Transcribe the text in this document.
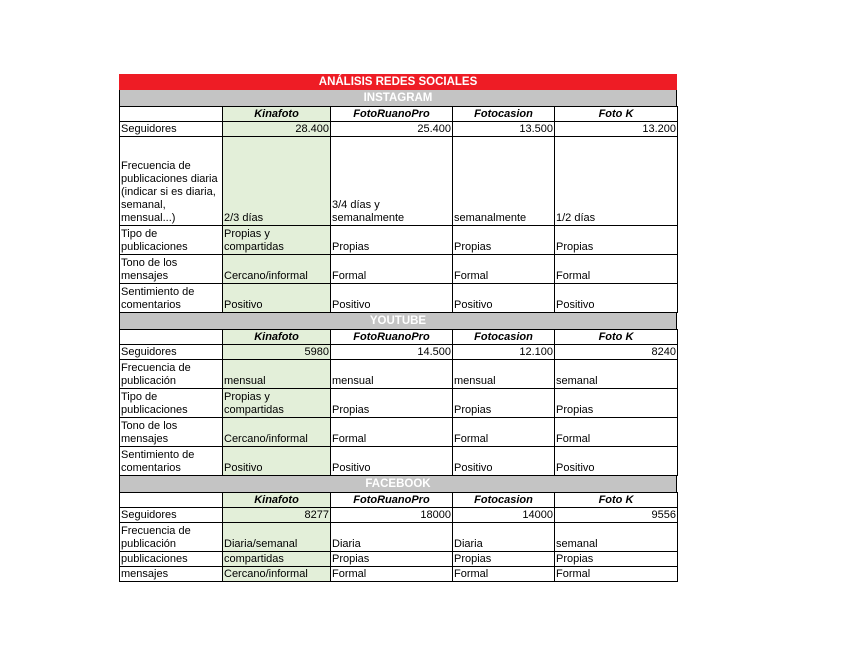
ANÁLISIS REDES SOCIALES
INSTAGRAM
	Kinafoto	FotoRuanoPro	Fotocasion	Foto K
Seguidores	28.400	25.400	13.500	13.200
Frecuencia de publicaciones diaria (indicar si es diaria, semanal, mensual...)	2/3 días	3/4 días y semanalmente	semanalmente	1/2 días
Tipo de publicaciones	Propias y compartidas	Propias	Propias	Propias
Tono de los mensajes	Cercano/informal	Formal	Formal	Formal
Sentimiento de comentarios	Positivo	Positivo	Positivo	Positivo
YOUTUBE
	Kinafoto	FotoRuanoPro	Fotocasion	Foto K
Seguidores	5980	14.500	12.100	8240
Frecuencia de publicación	mensual	mensual	mensual	semanal
Tipo de publicaciones	Propias y compartidas	Propias	Propias	Propias
Tono de los mensajes	Cercano/informal	Formal	Formal	Formal
Sentimiento de comentarios	Positivo	Positivo	Positivo	Positivo
FACEBOOK
	Kinafoto	FotoRuanoPro	Fotocasion	Foto K
Seguidores	8277	18000	14000	9556
Frecuencia de publicación	Diaria/semanal	Diaria	Diaria	semanal
publicaciones	compartidas	Propias	Propias	Propias
mensajes	Cercano/informal	Formal	Formal	Formal
